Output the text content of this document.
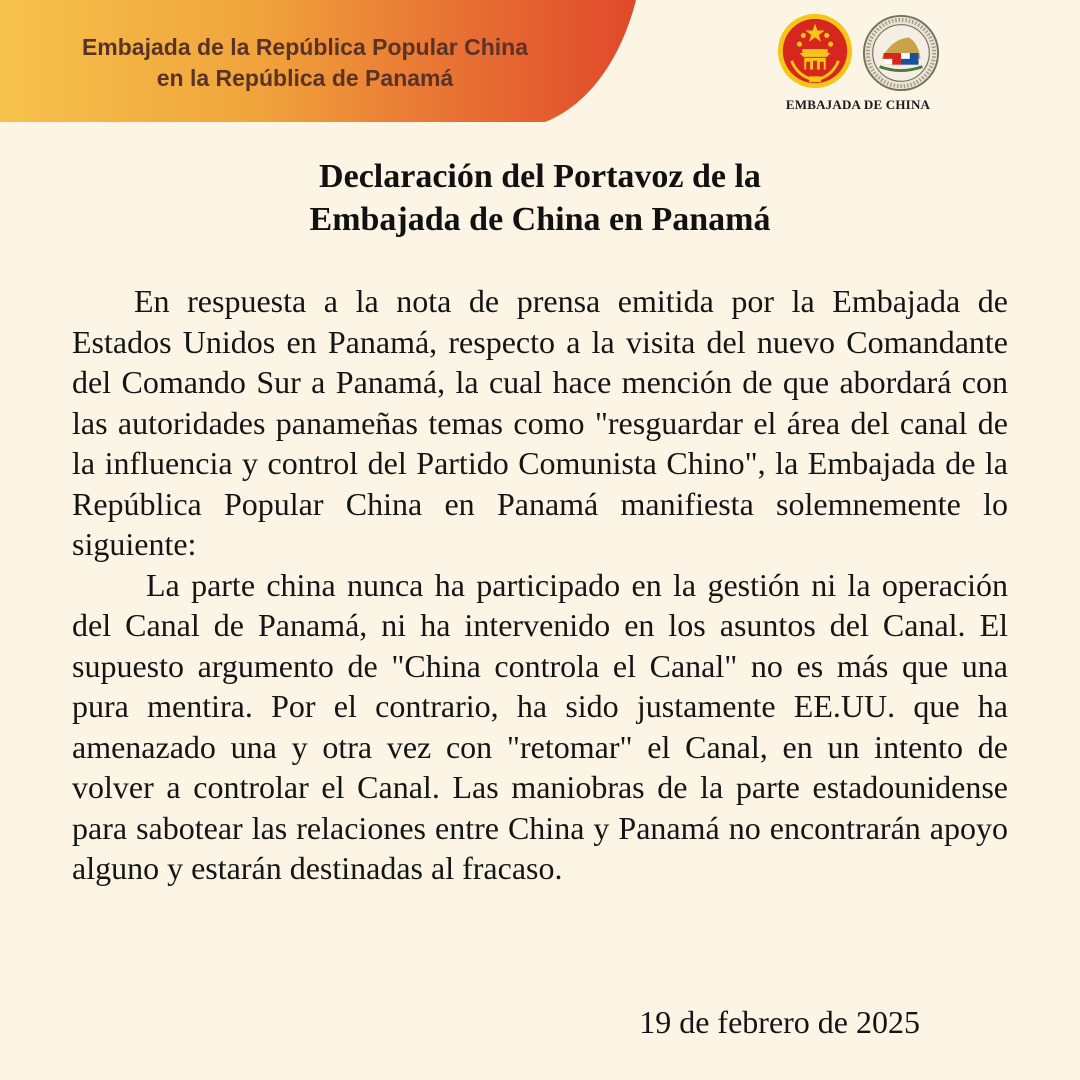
Embajada de la República Popular China
en la República de Panamá
EMBAJADA DE CHINA
Declaración del Portavoz de la
Embajada de China en Panamá

En respuesta a la nota de prensa emitida por la Embajada de Estados Unidos en Panamá, respecto a la visita del nuevo Comandante del Comando Sur a Panamá, la cual hace mención de que abordará con las autoridades panameñas temas como "resguardar el área del canal de la influencia y control del Partido Comunista Chino", la Embajada de la República Popular China en Panamá manifiesta solemnemente lo siguiente:

La parte china nunca ha participado en la gestión ni la operación del Canal de Panamá, ni ha intervenido en los asuntos del Canal. El supuesto argumento de "China controla el Canal" no es más que una pura mentira. Por el contrario, ha sido justamente EE.UU. que ha amenazado una y otra vez con "retomar" el Canal, en un intento de volver a controlar el Canal. Las maniobras de la parte estadounidense para sabotear las relaciones entre China y Panamá no encontrarán apoyo alguno y estarán destinadas al fracaso.

19 de febrero de 2025
